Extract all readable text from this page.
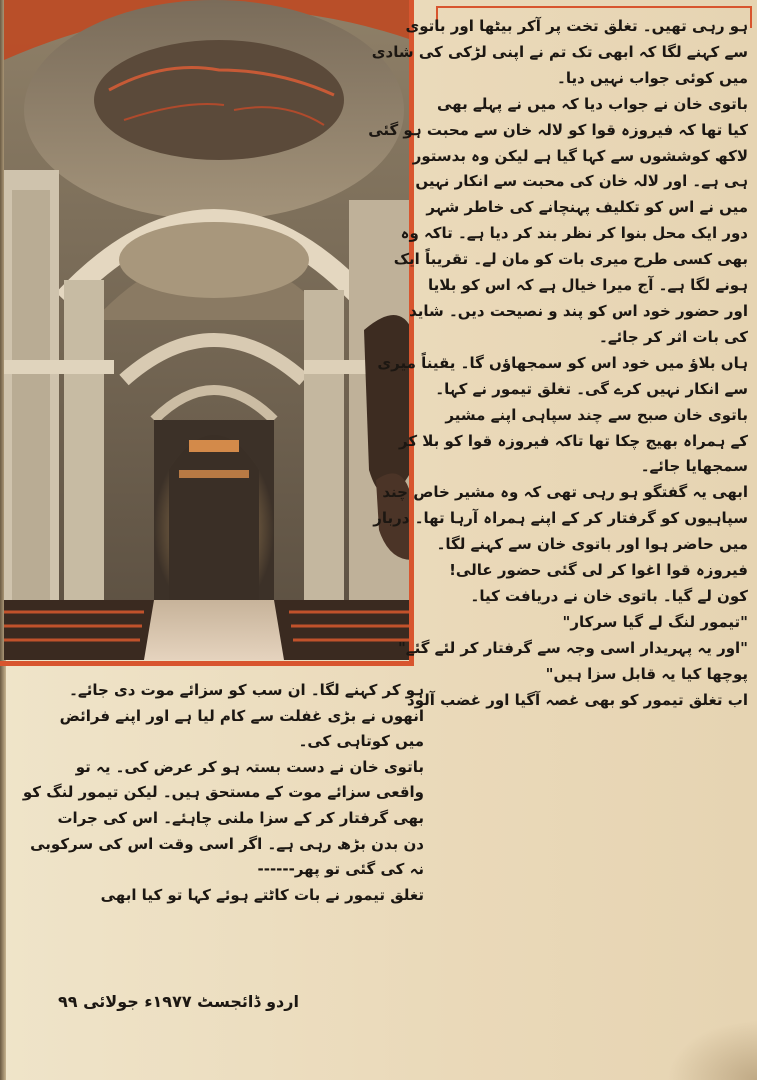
ہو رہی تھیں۔ تغلق تخت پر آکر بیٹھا اور باتوی
سے کہنے لگا کہ ابھی تک تم نے اپنی لڑکی کی شادی
میں کوئی جواب نہیں دیا۔
باتوی خان نے جواب دیا کہ میں نے پہلے بھی
کیا تھا کہ فیروزہ قوا کو لالہ خان سے محبت ہو گئی
لاکھ کوششوں سے کہا گیا ہے لیکن وہ بدستور
ہی ہے۔ اور لالہ خان کی محبت سے انکار نہیں
میں نے اس کو تکلیف پہنچانے کی خاطر شہر
دور ایک محل بنوا کر نظر بند کر دیا ہے۔ تاکہ وہ
بھی کسی طرح میری بات کو مان لے۔ تقریباً ایک
ہونے لگا ہے۔ آج میرا خیال ہے کہ اس کو بلایا
اور حضور خود اس کو پند و نصیحت دیں۔ شاید
کی بات اثر کر جائے۔
ہاں بلاؤ میں خود اس کو سمجھاؤں گا۔ یقیناً میری
سے انکار نہیں کرے گی۔ تغلق تیمور نے کہا۔
باتوی خان صبح سے چند سپاہی اپنے مشیر
کے ہمراہ بھیج چکا تھا تاکہ فیروزہ قوا کو بلا کر
سمجھایا جائے۔
ابھی یہ گفتگو ہو رہی تھی کہ وہ مشیر خاص چند
سپاہیوں کو گرفتار کر کے اپنے ہمراہ آرہا تھا۔ دربار
میں حاضر ہوا اور باتوی خان سے کہنے لگا۔
فیروزہ قوا اغوا کر لی گئی حضور عالی!
کون لے گیا۔ باتوی خان نے دریافت کیا۔
"تیمور لنگ لے گیا سرکار"
"اور یہ پہریدار اسی وجہ سے گرفتار کر لئے گئے"
پوچھا کیا یہ قابل سزا ہیں"
اب تغلق تیمور کو بھی غصہ آگیا اور غضب آلود
ہو کر کہنے لگا۔ ان سب کو سزائے موت دی جائے۔
انھوں نے بڑی غفلت سے کام لیا ہے اور اپنے فرائض
میں کوتاہی کی۔
باتوی خان نے دست بستہ ہو کر عرض کی۔ یہ تو
واقعی سزائے موت کے مستحق ہیں۔ لیکن تیمور لنگ کو
بھی گرفتار کر کے سزا ملنی چاہئے۔ اس کی جرات
دن بدن بڑھ رہی ہے۔ اگر اسی وقت اس کی سرکوبی
نہ کی گئی تو پھر------
تغلق تیمور نے بات کاٹتے ہوئے کہا تو کیا ابھی
اردو ڈائجسٹ ۱۹۷۷ء جولائی ۹۹
